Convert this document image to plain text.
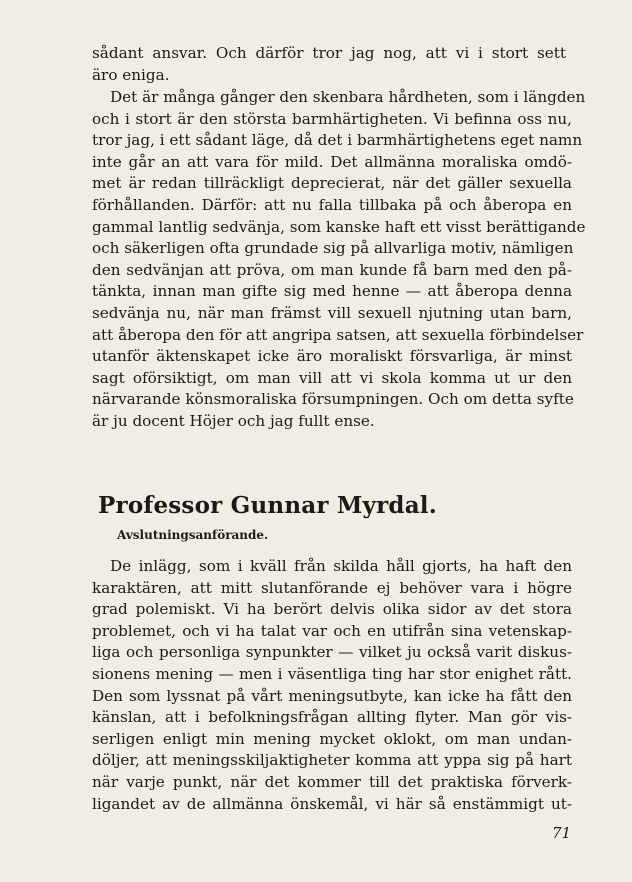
sådant ansvar. Och därför tror jag nog, att vi i stort sett
äro eniga.
Det är många gånger den skenbara hårdheten, som i längden
och i stort är den största barmhärtigheten. Vi befinna oss nu,
tror jag, i ett sådant läge, då det i barmhärtighetens eget namn
inte går an att vara för mild. Det allmänna moraliska omdö-
met är redan tillräckligt deprecierat, när det gäller sexuella
förhållanden. Därför: att nu falla tillbaka på och åberopa en
gammal lantlig sedvänja, som kanske haft ett visst berättigande
och säkerligen ofta grundade sig på allvarliga motiv, nämligen
den sedvänjan att pröva, om man kunde få barn med den på-
tänkta, innan man gifte sig med henne — att åberopa denna
sedvänja nu, när man främst vill sexuell njutning utan barn,
att åberopa den för att angripa satsen, att sexuella förbindelser
utanför äktenskapet icke äro moraliskt försvarliga, är minst
sagt oförsiktigt, om man vill att vi skola komma ut ur den
närvarande könsmoraliska försumpningen. Och om detta syfte
är ju docent Höjer och jag fullt ense.
Professor Gunnar Myrdal.
Avslutningsanförande.
De inlägg, som i kväll från skilda håll gjorts, ha haft den
karaktären, att mitt slutanförande ej behöver vara i högre
grad polemiskt. Vi ha berört delvis olika sidor av det stora
problemet, och vi ha talat var och en utifrån sina vetenskap-
liga och personliga synpunkter — vilket ju också varit diskus-
sionens mening — men i väsentliga ting har stor enighet rått.
Den som lyssnat på vårt meningsutbyte, kan icke ha fått den
känslan, att i befolkningsfrågan allting flyter. Man gör vis-
serligen enligt min mening mycket oklokt, om man undan-
döljer, att meningsskiljaktigheter komma att yppa sig på hart
när varje punkt, när det kommer till det praktiska förverk-
ligandet av de allmänna önskemål, vi här så enstämmigt ut-
71
